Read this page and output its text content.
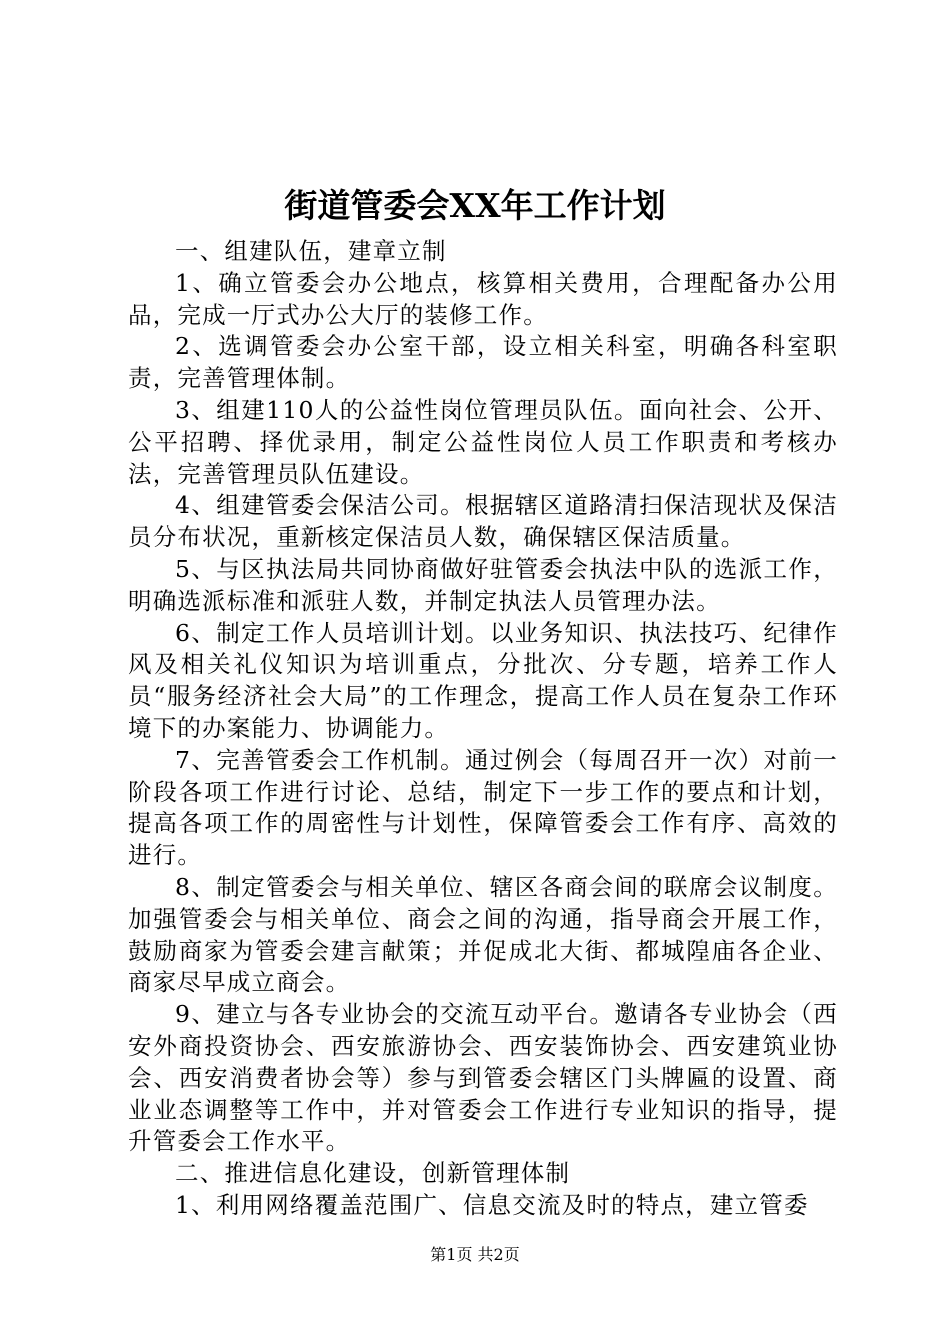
街道管委会XX年工作计划

一、组建队伍，建章立制

1、确立管委会办公地点，核算相关费用，合理配备办公用品，完成一厅式办公大厅的装修工作。

2、选调管委会办公室干部，设立相关科室，明确各科室职责，完善管理体制。

3、组建110人的公益性岗位管理员队伍。面向社会、公开、公平招聘、择优录用，制定公益性岗位人员工作职责和考核办法，完善管理员队伍建设。

4、组建管委会保洁公司。根据辖区道路清扫保洁现状及保洁员分布状况，重新核定保洁员人数，确保辖区保洁质量。

5、与区执法局共同协商做好驻管委会执法中队的选派工作，明确选派标准和派驻人数，并制定执法人员管理办法。

6、制定工作人员培训计划。以业务知识、执法技巧、纪律作风及相关礼仪知识为培训重点，分批次、分专题，培养工作人员“服务经济社会大局”的工作理念，提高工作人员在复杂工作环境下的办案能力、协调能力。

7、完善管委会工作机制。通过例会（每周召开一次）对前一阶段各项工作进行讨论、总结，制定下一步工作的要点和计划，提高各项工作的周密性与计划性，保障管委会工作有序、高效的进行。

8、制定管委会与相关单位、辖区各商会间的联席会议制度。加强管委会与相关单位、商会之间的沟通，指导商会开展工作，鼓励商家为管委会建言献策；并促成北大街、都城隍庙各企业、商家尽早成立商会。

9、建立与各专业协会的交流互动平台。邀请各专业协会（西安外商投资协会、西安旅游协会、西安装饰协会、西安建筑业协会、西安消费者协会等）参与到管委会辖区门头牌匾的设置、商业业态调整等工作中，并对管委会工作进行专业知识的指导，提升管委会工作水平。

二、推进信息化建设，创新管理体制

1、利用网络覆盖范围广、信息交流及时的特点，建立管委

第1页 共2页
